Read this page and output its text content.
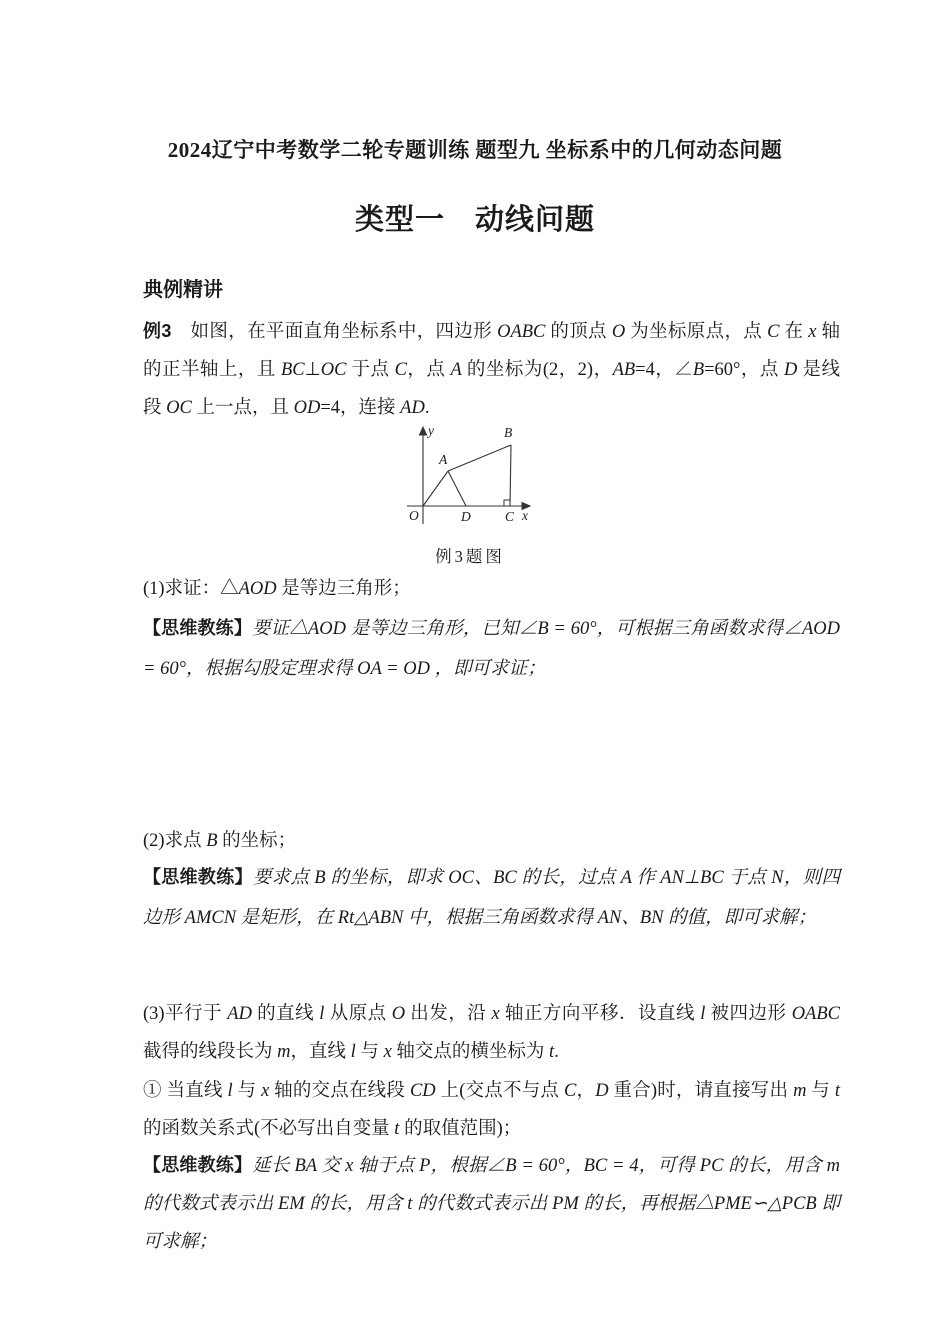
2024辽宁中考数学二轮专题训练 题型九 坐标系中的几何动态问题
类型一　动线问题
典例精讲
例3　如图，在平面直角坐标系中，四边形 OABC 的顶点 O 为坐标原点，点 C 在 x 轴的正半轴上，且 BC⊥OC 于点 C，点 A 的坐标为(2，2)，AB=4，∠B=60°，点 D 是线段 OC 上一点，且 OD=4，连接 AD.
y
x
O
A
B
C
D
例3题图
(1)求证：△AOD 是等边三角形；
【思维教练】要证△AOD 是等边三角形，已知∠B = 60°，可根据三角函数求得∠AOD = 60°，根据勾股定理求得 OA = OD ，即可求证；
(2)求点 B 的坐标；
【思维教练】要求点 B 的坐标，即求 OC、BC 的长，过点 A 作 AN⊥BC 于点 N，则四边形 AMCN 是矩形，在 Rt△ABN 中，根据三角函数求得 AN、BN 的值，即可求解；
(3)平行于 AD 的直线 l 从原点 O 出发，沿 x 轴正方向平移．设直线 l 被四边形 OABC 截得的线段长为 m，直线 l 与 x 轴交点的横坐标为 t.
① 当直线 l 与 x 轴的交点在线段 CD 上(交点不与点 C，D 重合)时，请直接写出 m 与 t 的函数关系式(不必写出自变量 t 的取值范围)；
【思维教练】延长 BA 交 x 轴于点 P，根据∠B = 60°，BC = 4，可得 PC 的长，用含 m 的代数式表示出 EM 的长，用含 t 的代数式表示出 PM 的长，再根据△PME∽△PCB 即可求解；
